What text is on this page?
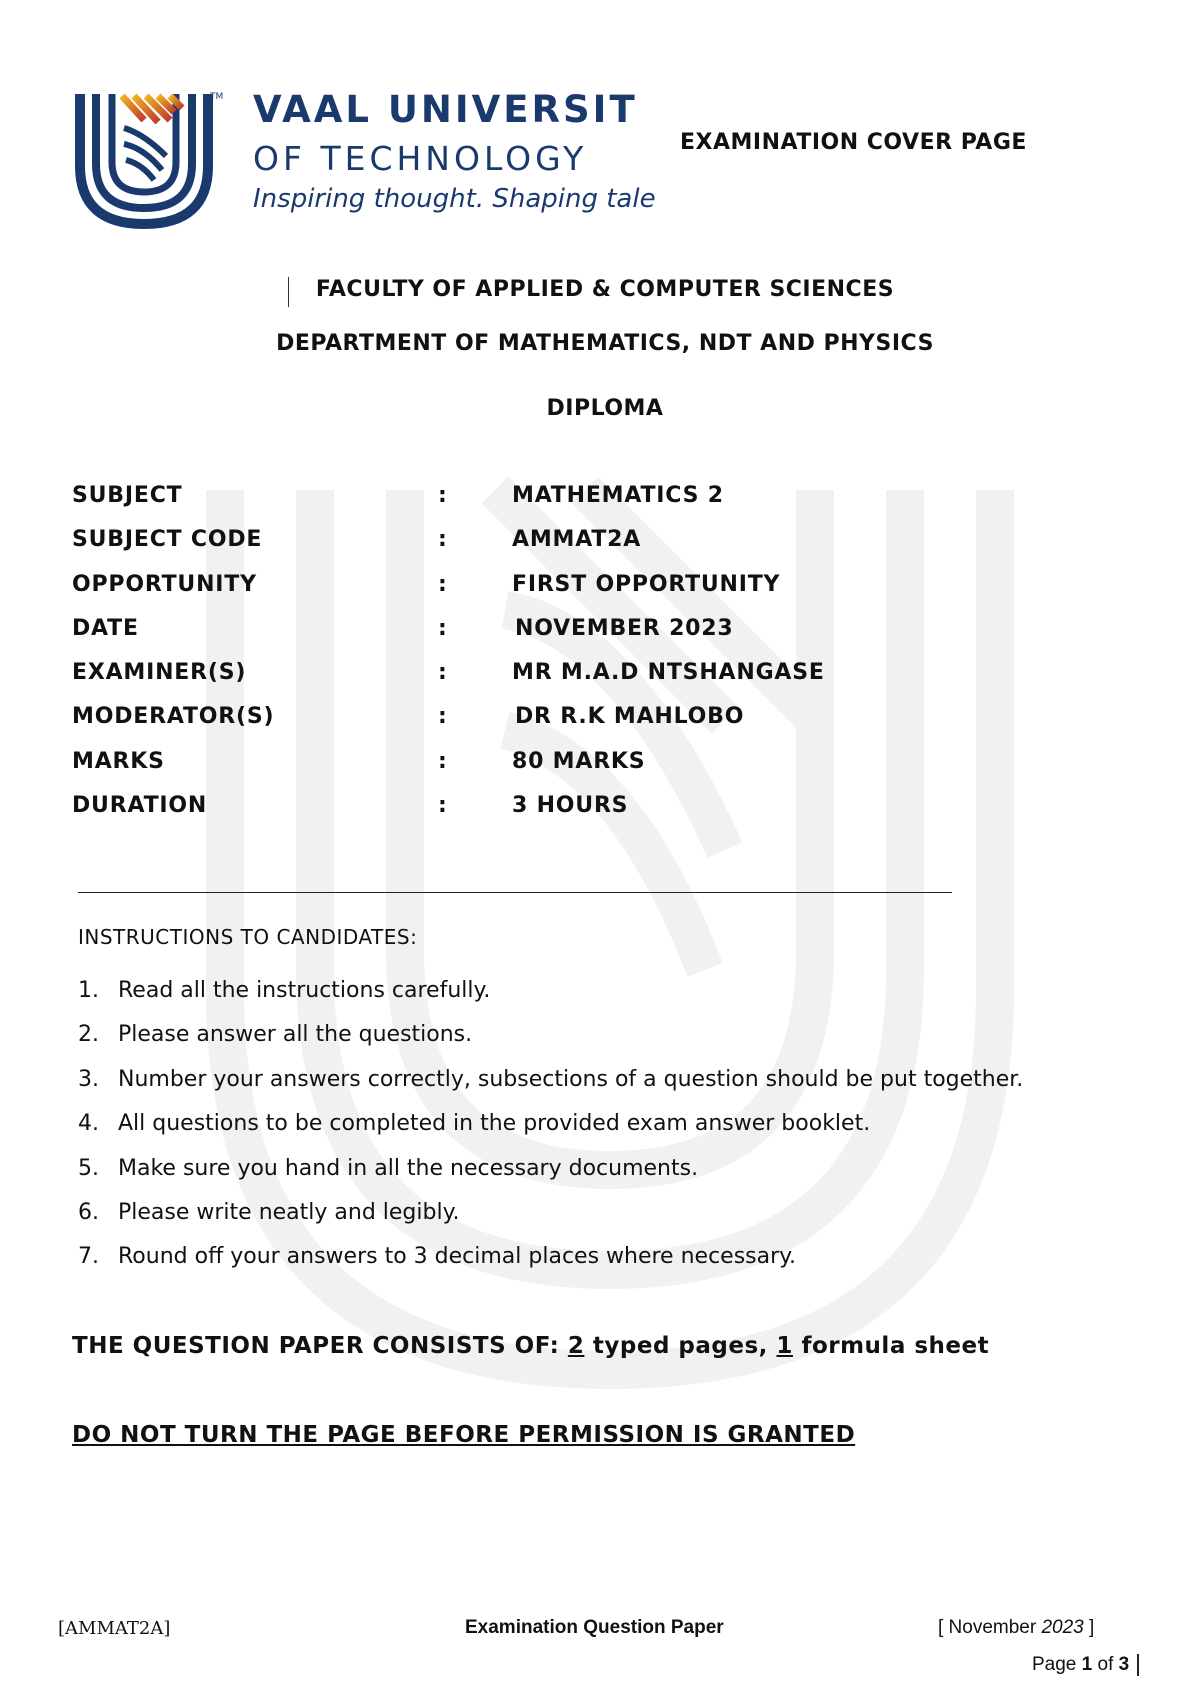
TM VAAL UNIVERSIT
OF TECHNOLOGY
Inspiring thought. Shaping tale
EXAMINATION COVER PAGE
FACULTY OF APPLIED & COMPUTER SCIENCES
DEPARTMENT OF MATHEMATICS, NDT AND PHYSICS
DIPLOMA
SUBJECT	:	MATHEMATICS 2
SUBJECT CODE	:	AMMAT2A
OPPORTUNITY	:	FIRST OPPORTUNITY
DATE	:	NOVEMBER 2023
EXAMINER(S)	:	MR M.A.D NTSHANGASE
MODERATOR(S)	:	DR R.K MAHLOBO
MARKS	:	80 MARKS
DURATION	:	3 HOURS
INSTRUCTIONS TO CANDIDATES:
1. Read all the instructions carefully.
2. Please answer all the questions.
3. Number your answers correctly, subsections of a question should be put together.
4. All questions to be completed in the provided exam answer booklet.
5. Make sure you hand in all the necessary documents.
6. Please write neatly and legibly.
7. Round off your answers to 3 decimal places where necessary.
THE QUESTION PAPER CONSISTS OF: 2 typed pages, 1 formula sheet
DO NOT TURN THE PAGE BEFORE PERMISSION IS GRANTED
[AMMAT2A]	Examination Question Paper	[ November 2023 ]
Page 1 of 3
